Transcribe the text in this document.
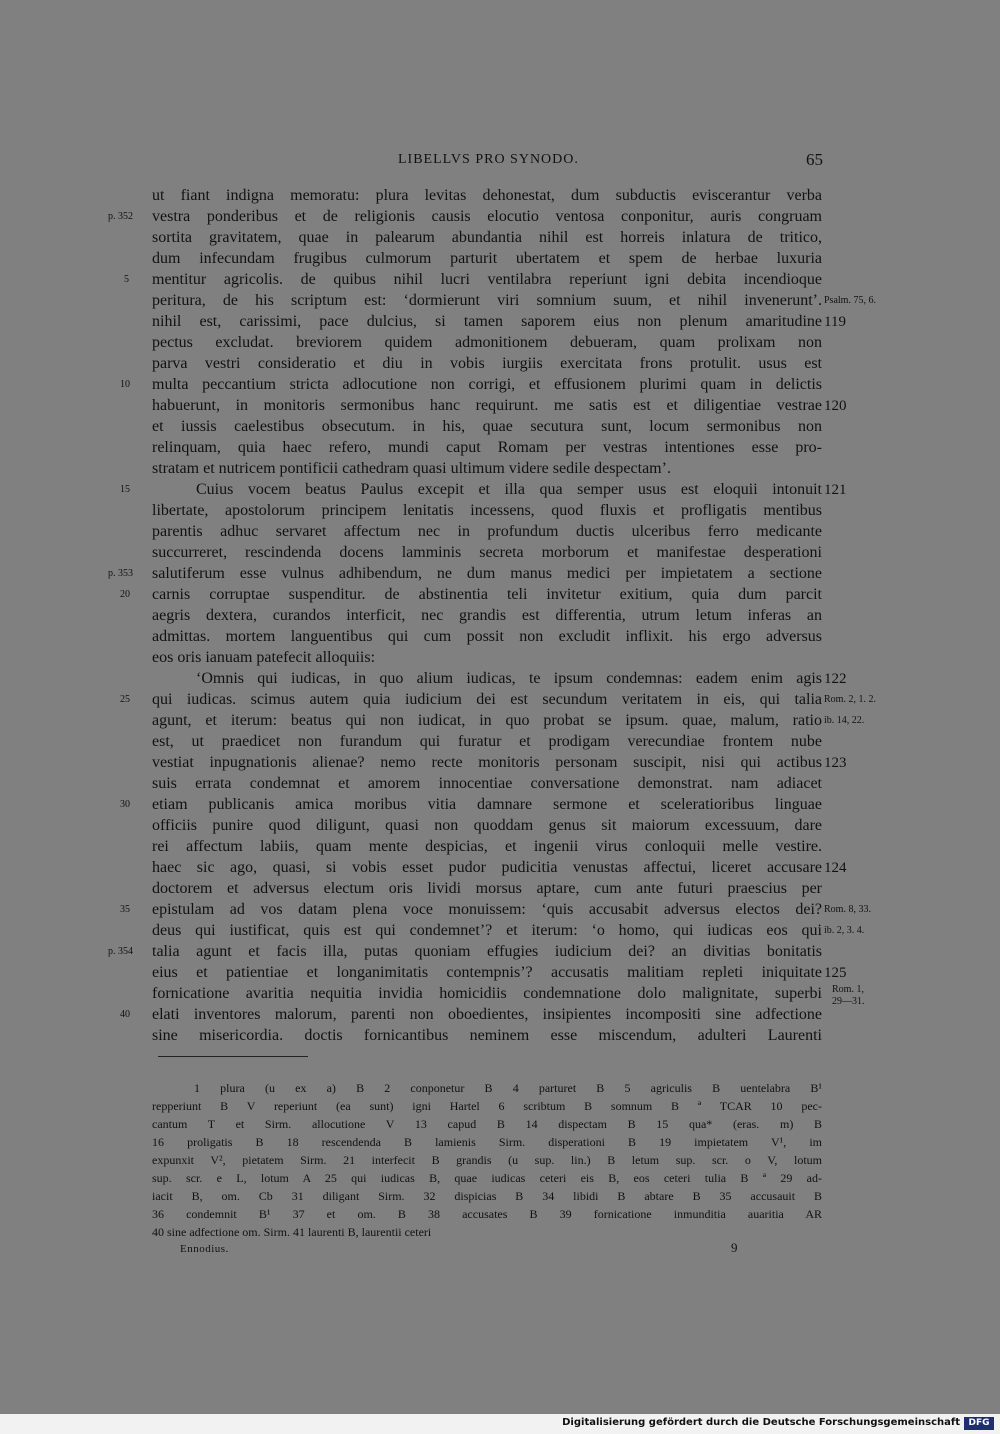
LIBELLVS PRO SYNODO.	65
ut fiant indigna memoratu: plura levitas dehonestat, dum subductis eviscerantur verba
vestra ponderibus et de religionis causis elocutio ventosa conponitur, auris congruam
sortita gravitatem, quae in palearum abundantia nihil est horreis inlatura de tritico,
dum infecundam frugibus culmorum parturit ubertatem et spem de herbae luxuria
mentitur agricolis. de quibus nihil lucri ventilabra reperiunt igni debita incendioque
peritura, de his scriptum est: ‘dormierunt viri somnium suum, et nihil invenerunt’.
nihil est, carissimi, pace dulcius, si tamen saporem eius non plenum amaritudine
pectus excludat. breviorem quidem admonitionem debueram, quam prolixam non
parva vestri consideratio et diu in vobis iurgiis exercitata frons protulit. usus est
multa peccantium stricta adlocutione non corrigi, et effusionem plurimi quam in delictis
habuerunt, in monitoris sermonibus hanc requirunt. me satis est et diligentiae vestrae
et iussis caelestibus obsecutum. in his, quae secutura sunt, locum sermonibus non
relinquam, quia haec refero, mundi caput Romam per vestras intentiones esse pro-
stratam et nutricem pontificii cathedram quasi ultimum videre sedile despectam’.
Cuius vocem beatus Paulus excepit et illa qua semper usus est eloquii intonuit
libertate, apostolorum principem lenitatis incessens, quod fluxis et profligatis mentibus
parentis adhuc servaret affectum nec in profundum ductis ulceribus ferro medicante
succurreret, rescindenda docens lamminis secreta morborum et manifestae desperationi
salutiferum esse vulnus adhibendum, ne dum manus medici per impietatem a sectione
carnis corruptae suspenditur. de abstinentia teli invitetur exitium, quia dum parcit
aegris dextera, curandos interficit, nec grandis est differentia, utrum letum inferas an
admittas. mortem languentibus qui cum possit non excludit inflixit. his ergo adversus
eos oris ianuam patefecit alloquiis:
‘Omnis qui iudicas, in quo alium iudicas, te ipsum condemnas: eadem enim agis
qui iudicas. scimus autem quia iudicium dei est secundum veritatem in eis, qui talia
agunt, et iterum: beatus qui non iudicat, in quo probat se ipsum. quae, malum, ratio
est, ut praedicet non furandum qui furatur et prodigam verecundiae frontem nube
vestiat inpugnationis alienae? nemo recte monitoris personam suscipit, nisi qui actibus
suis errata condemnat et amorem innocentiae conversatione demonstrat. nam adiacet
etiam publicanis amica moribus vitia damnare sermone et sceleratioribus linguae
officiis punire quod diligunt, quasi non quoddam genus sit maiorum excessuum, dare
rei affectum labiis, quam mente despicias, et ingenii virus conloquii melle vestire.
haec sic ago, quasi, si vobis esset pudor pudicitia venustas affectui, liceret accusare
doctorem et adversus electum oris lividi morsus aptare, cum ante futuri praescius per
epistulam ad vos datam plena voce monuissem: ‘quis accusabit adversus electos dei?
deus qui iustificat, quis est qui condemnet’? et iterum: ‘o homo, qui iudicas eos qui
talia agunt et facis illa, putas quoniam effugies iudicium dei? an divitias bonitatis
eius et patientiae et longanimitatis contempnis’? accusatis malitiam repleti iniquitate
fornicatione avaritia nequitia invidia homicidiis condemnatione dolo malignitate, superbi
elati inventores malorum, parenti non oboedientes, insipientes incompositi sine adfectione
sine misericordia. doctis fornicantibus neminem esse miscendum, adulteri Laurenti
p. 352
5
10
15
p. 353
20
25
30
35
p. 354
40
Psalm. 75, 6.
119
120
121
122
Rom. 2, 1. 2.
ib. 14, 22.
123
124
Rom. 8, 33.
ib. 2, 3. 4.
125
Rom. 1,
29—31.
1 plura (u ex a) B 2 conponetur B 4 parturet B 5 agriculis B uentelabra B¹
repperiunt B V reperiunt (ea sunt) igni Hartel 6 scribtum B somnum B ª TCAR 10 pec-
cantum T et Sirm. allocutione V 13 capud B 14 dispectam B 15 qua* (eras. m) B
16 proligatis B 18 rescendenda B lamienis Sirm. disperationi B 19 impietatem V¹, im
expunxit V², pietatem Sirm. 21 interfecit B grandis (u sup. lin.) B letum sup. scr. o V, lotum
sup. scr. e L, lotum A 25 qui iudicas B, quae iudicas ceteri eis B, eos ceteri tulia B ª 29 ad-
iacit B, om. Cb 31 diligant Sirm. 32 dispicias B 34 libidi B abtare B 35 accusauit B
36 condemnit B¹ 37 et om. B 38 accusates B 39 fornicatione inmunditia auaritia AR
40 sine adfectione om. Sirm. 41 laurenti B, laurentii ceteri
Ennodius.	9
Digitalisierung gefördert durch die Deutsche Forschungsgemeinschaft DFG
